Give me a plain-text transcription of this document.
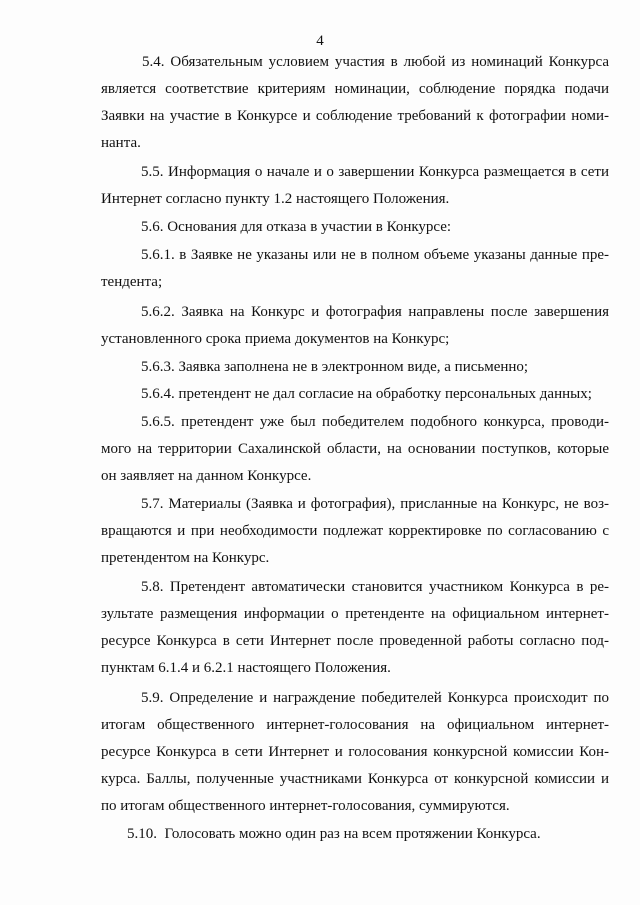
4
5.4. Обязательным условием участия в любой из номинаций Конкурса
является соответствие критериям номинации, соблюдение порядка подачи
Заявки на участие в Конкурсе и соблюдение требований к фотографии номи-
нанта.
5.5. Информация о начале и о завершении Конкурса размещается в сети
Интернет согласно пункту 1.2 настоящего Положения.
5.6. Основания для отказа в участии в Конкурсе:
5.6.1. в Заявке не указаны или не в полном объеме указаны данные пре-
тендента;
5.6.2. Заявка на Конкурс и фотография направлены после завершения
установленного срока приема документов на Конкурс;
5.6.3. Заявка заполнена не в электронном виде, а письменно;
5.6.4. претендент не дал согласие на обработку персональных данных;
5.6.5. претендент уже был победителем подобного конкурса, проводи-
мого на территории Сахалинской области, на основании поступков, которые
он заявляет на данном Конкурсе.
5.7. Материалы (Заявка и фотография), присланные на Конкурс, не воз-
вращаются и при необходимости подлежат корректировке по согласованию с
претендентом на Конкурс.
5.8. Претендент автоматически становится участником Конкурса в ре-
зультате размещения информации о претенденте на официальном интернет-
ресурсе Конкурса в сети Интернет после проведенной работы согласно под-
пунктам 6.1.4 и 6.2.1 настоящего Положения.
5.9. Определение и награждение победителей Конкурса происходит по
итогам общественного интернет-голосования на официальном интернет-
ресурсе Конкурса в сети Интернет и голосования конкурсной комиссии Кон-
курса. Баллы, полученные участниками Конкурса от конкурсной комиссии и
по итогам общественного интернет-голосования, суммируются.
5.10.  Голосовать можно один раз на всем протяжении Конкурса.
